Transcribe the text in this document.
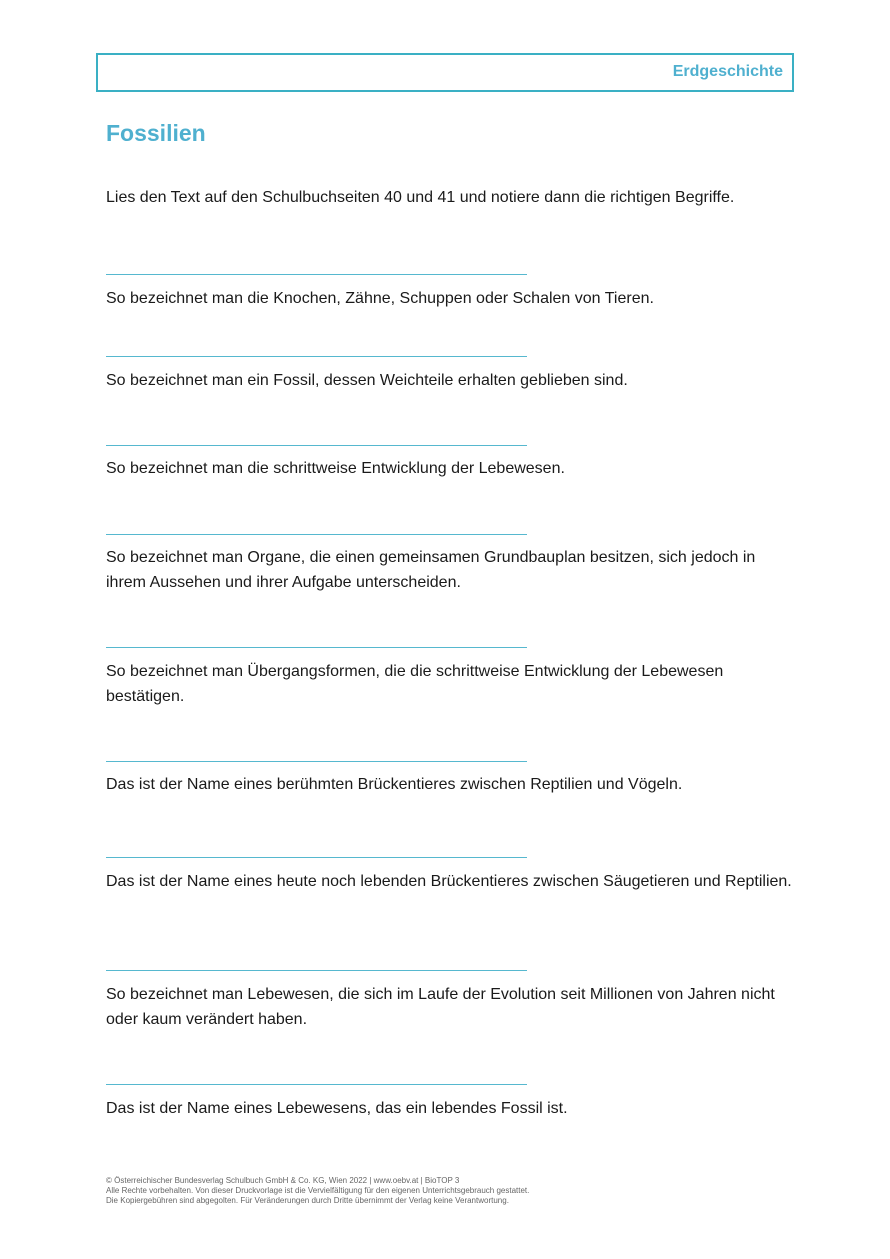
Erdgeschichte
Fossilien

Lies den Text auf den Schulbuchseiten 40 und 41 und notiere dann die richtigen Begriffe.

So bezeichnet man die Knochen, Zähne, Schuppen oder Schalen von Tieren.

So bezeichnet man ein Fossil, dessen Weichteile erhalten geblieben sind.

So bezeichnet man die schrittweise Entwicklung der Lebewesen.

So bezeichnet man Organe, die einen gemeinsamen Grundbauplan besitzen, sich jedoch in ihrem Aussehen und ihrer Aufgabe unterscheiden.

So bezeichnet man Übergangsformen, die die schrittweise Entwicklung der Lebewesen bestätigen.

Das ist der Name eines berühmten Brückentieres zwischen Reptilien und Vögeln.

Das ist der Name eines heute noch lebenden Brückentieres zwischen Säugetieren und Reptilien.

So bezeichnet man Lebewesen, die sich im Laufe der Evolution seit Millionen von Jahren nicht oder kaum verändert haben.

Das ist der Name eines Lebewesens, das ein lebendes Fossil ist.

© Österreichischer Bundesverlag Schulbuch GmbH & Co. KG, Wien 2022 | www.oebv.at | BioTOP 3
Alle Rechte vorbehalten. Von dieser Druckvorlage ist die Vervielfältigung für den eigenen Unterrichtsgebrauch gestattet.
Die Kopiergebühren sind abgegolten. Für Veränderungen durch Dritte übernimmt der Verlag keine Verantwortung.
